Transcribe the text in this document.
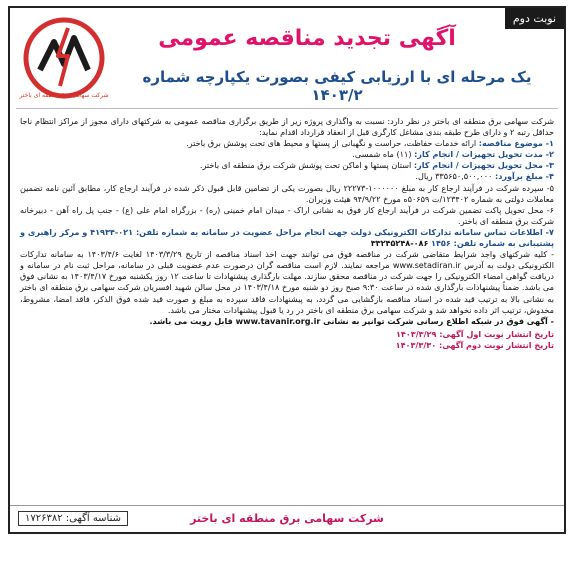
نوبت دوم
شرکت سهامی برق منطقه ای باختر
آگهی تجدید مناقصه عمومی
یک مرحله ای با ارزیابی کیفی بصورت یکپارچه شماره ۱۴۰۳/۲

شرکت سهامی برق منطقه ای باختر در نظر دارد: نسبت به واگذاری پروژه زیر از طریق برگزاری مناقصه عمومی به شرکتهای دارای مجوز از مراکز انتظام ناجا حداقل رتبه ۲ و دارای طرح طبقه بندی مشاغل کارگری قبل از انعقاد قرارداد اقدام نماید:

۱- موضوع مناقصه: ارائه خدمات حفاظت، حراست و نگهبانی از پستها و محیط های تحت پوشش برق باختر.

۲- مدت تحویل تجهیزات / انجام کار: (۱۱) ماه شمسی.

۳- محل تحویل تجهیزات / انجام کار: استان پستها و اماکن تحت پوشش شرکت برق منطقه ای باختر.

۴- مبلغ برآورد: ۳۳۵۶۵۰,۵۰۰,۰۰۰ ریال.

۵- سپرده شرکت در فرآیند ارجاع کار به مبلغ ۱۰۰۰۰۰۰-۲۲۲۷۳ ریال بصورت یکی از تضامین قابل قبول ذکر شده در فرآیند ارجاع کار، مطابق آئین نامه تضمین معاملات دولتی به شماره ۱۲۳۴۰۲/ت ۵۰۶۵۹ه مورخ ۹۴/۹/۲۲ هیئت وزیران.

۶- محل تحویل پاکت تضمین شرکت در فرآیند ارجاع کار فوق به نشانی اراک - میدان امام خمینی (ره) - بزرگراه امام علی (ع) - جنب پل راه آهن - دبیرخانه شرکت برق منطقه ای باختر.

۷- اطلاعات تماس سامانه تدارکات الکترونیکی دولت جهت انجام مراحل عضویت در سامانه به شماره تلفن: ۰۲۱-۴۱۹۳۴ و مرکز راهبری و پشتیبانی به شماره تلفن: ۱۴۵۶ ۰۸۶-۳۳۲۴۵۲۴۸

- کلیه شرکتهای واجد شرایط متقاضی شرکت در مناقصه فوق می توانند جهت اخذ اسناد مناقصه از تاریخ ۱۴۰۳/۳/۲۹ لغایت ۱۴۰۳/۴/۶ به سامانه تدارکات الکترونیکی دولت به آدرس www.setadiran.ir مراجعه نمایند. لازم است مناقصه گران درصورت عدم عضویت قبلی در سامانه، مراحل ثبت نام در سامانه و دریافت گواهی امضاء الکترونیکی را جهت شرکت در مناقصه محقق سازند. مهلت بارگذاری پیشنهادات تا ساعت ۱۲ روز یکشنبه مورخ ۱۴۰۳/۴/۱۷ به نشانی فوق می باشد. ضمناً پیشنهادات بارگذاری شده در ساعت ۹:۳۰ صبح روز دو شنبه مورخ ۱۴۰۳/۴/۱۸ در محل سالن شهید افسریان شرکت سهامی برق منطقه ای باختر به نشانی بالا به ترتیب قید شده در اسناد مناقصه بازگشایی می گردد، به پیشنهادات فاقد سپرده به مبلغ و صورت قید شده فوق الذکر، فاقد امضا، مشروط، مخدوش، ترتیب اثر داده نخواهد شد و شرکت سهامی برق منطقه ای باختر در رد یا قبول پیشنهادات مختار می باشد.

- آگهی فوق در شبکه اطلاع رسانی شرکت توانیر به نشانی www.tavanir.org.ir قابل رویت می باشد.

تاریخ انتشار نوبت اول آگهی: ۱۴۰۳/۳/۲۹

تاریخ انتشار نوبت دوم آگهی: ۱۴۰۳/۳/۳۰

شناسه آگهی: ۱۷۲۶۳۸۲	شرکت سهامی برق منطقه ای باختر
